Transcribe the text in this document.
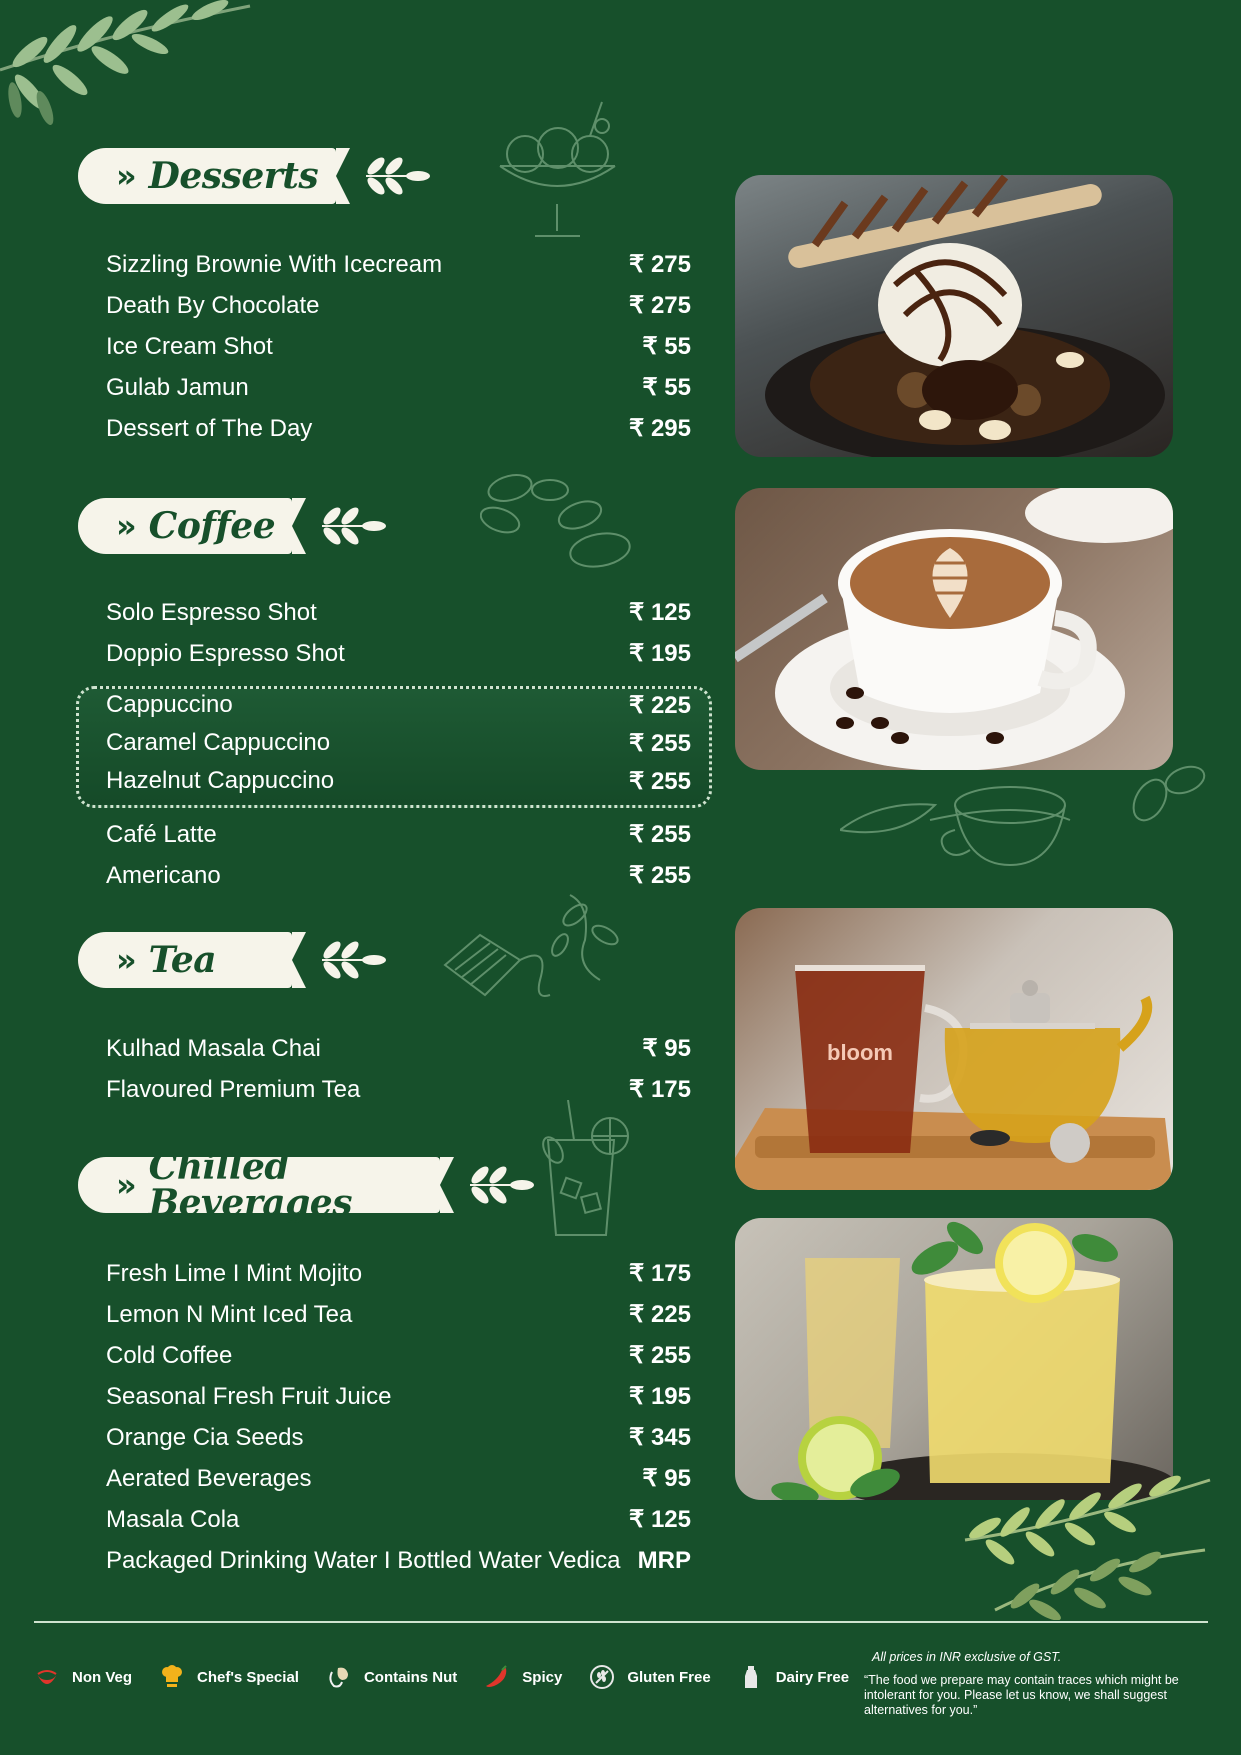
» Desserts
Sizzling Brownie With Icecream	₹ 275
Death By Chocolate	₹ 275
Ice Cream Shot	₹ 55
Gulab Jamun	₹ 55
Dessert of The Day	₹ 295
» Coffee
Solo Espresso Shot	₹ 125
Doppio Espresso Shot	₹ 195
Cappuccino	₹ 225
Caramel Cappuccino	₹ 255
Hazelnut Cappuccino	₹ 255
Café Latte	₹ 255
Americano	₹ 255
» Tea
Kulhad Masala Chai	₹ 95
Flavoured Premium Tea	₹ 175
bloom
» Chilled Beverages
Fresh Lime I Mint Mojito	₹ 175
Lemon N Mint Iced Tea	₹ 225
Cold Coffee	₹ 255
Seasonal Fresh Fruit Juice	₹ 195
Orange Cia Seeds	₹ 345
Aerated Beverages	₹ 95
Masala Cola	₹ 125
Packaged Drinking Water I Bottled Water Vedica MRP
Non Veg	Chef's Special	Contains Nut	Spicy	Gluten Free	Dairy Free
All prices in INR exclusive of GST.
“The food we prepare may contain traces which might be intolerant for you. Please let us know, we shall suggest alternatives for you.”
